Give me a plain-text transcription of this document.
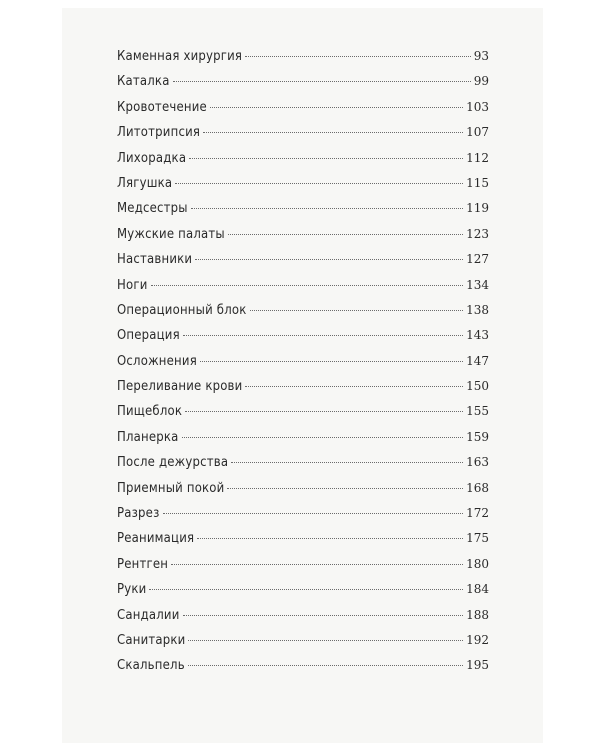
Каменная хирургия	93
Каталка	99
Кровотечение	103
Литотрипсия	107
Лихорадка	112
Лягушка	115
Медсестры	119
Мужские палаты	123
Наставники	127
Ноги	134
Операционный блок	138
Операция	143
Осложнения	147
Переливание крови	150
Пищеблок	155
Планерка	159
После дежурства	163
Приемный покой	168
Разрез	172
Реанимация	175
Рентген	180
Руки	184
Сандалии	188
Санитарки	192
Скальпель	195
